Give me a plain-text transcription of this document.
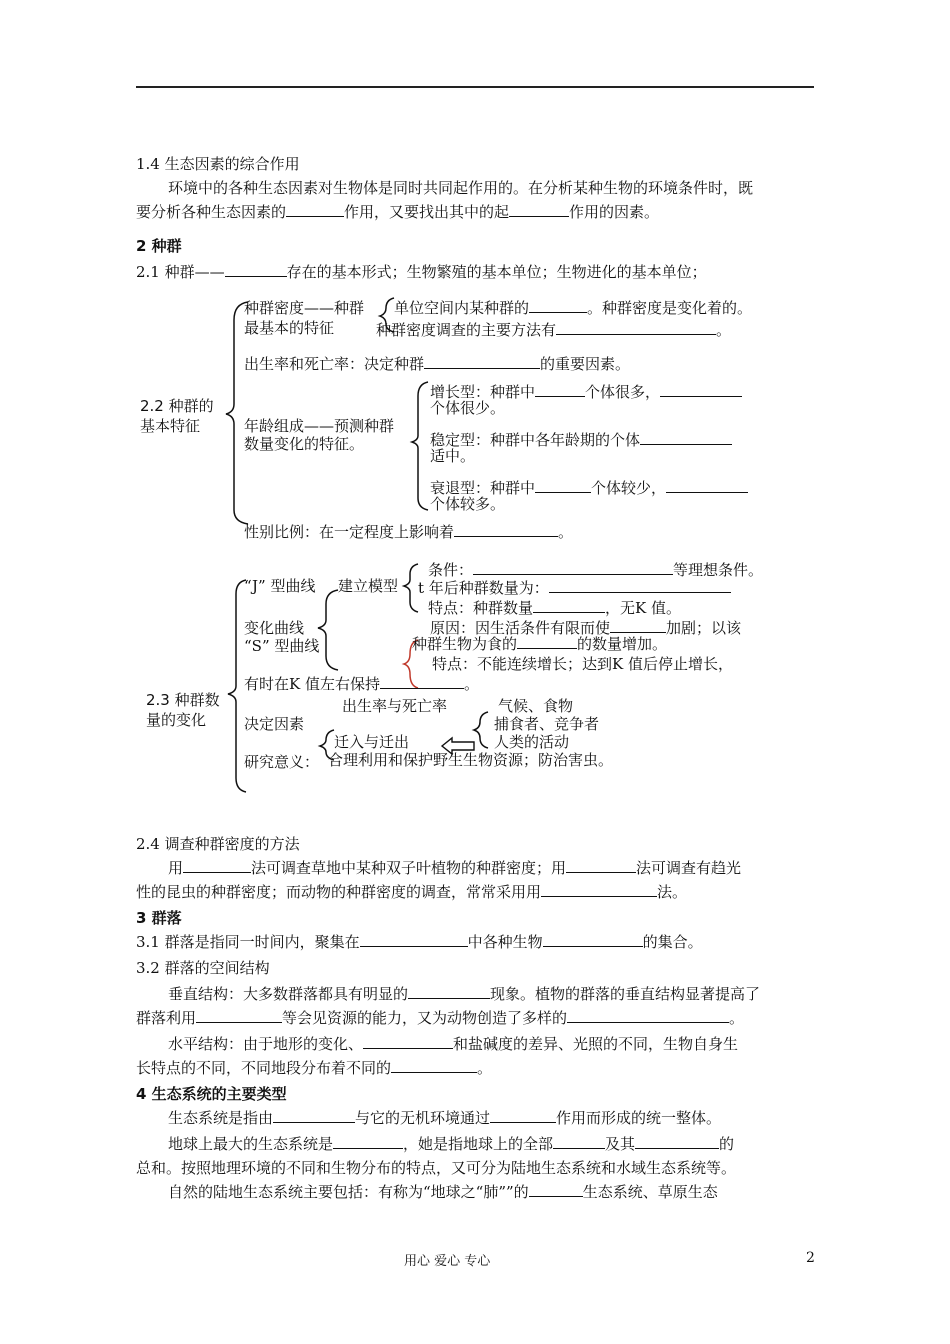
1.4 生态因素的综合作用
环境中的各种生态因素对生物体是同时共同起作用的。在分析某种生物的环境条件时，既
要分析各种生态因素的	作用，又要找出其中的起	作用的因素。
2 种群
2.1 种群——	存在的基本形式；生物繁殖的基本单位；生物进化的基本单位；
2.2 种群的
基本特征
种群密度——种群
最基本的特征
单位空间内某种群的	。种群密度是变化着的。
种群密度调查的主要方法有	。
出生率和死亡率：决定种群	的重要因素。
年龄组成——预测种群
数量变化的特征。
增长型：种群中	个体很多，
个体很少。
稳定型：种群中各年龄期的个体
适中。
衰退型：种群中	个体较少，
个体较多。
性别比例：在一定程度上影响着	。
2.3 种群数
量的变化
“J” 型曲线 建立模型
条件：	等理想条件。
t 年后种群数量为：
特点：种群数量	，无K 值。
变化曲线
“S” 型曲线
原因：因生活条件有限而使	加剧；以该
种群生物为食的	的数量增加。
特点：不能连续增长；达到K 值后停止增长，
有时在K 值左右保持	。
出生率与死亡率	气候、食物
决定因素	捕食者、竞争者
迁入与迁出	人类的活动
研究意义： 合理利用和保护野生生物资源；防治害虫。
2.4 调查种群密度的方法
用	法可调查草地中某种双子叶植物的种群密度；用	法可调查有趋光
性的昆虫的种群密度；而动物的种群密度的调查，常常采用用	法。
3 群落
3.1 群落是指同一时间内，聚集在	中各种生物	的集合。
3.2 群落的空间结构
垂直结构：大多数群落都具有明显的	现象。植物的群落的垂直结构显著提高了
群落利用	等会见资源的能力，又为动物创造了多样的	。
水平结构：由于地形的变化、	和盐碱度的差异、光照的不同，生物自身生
长特点的不同，不同地段分布着不同的	。
4 生态系统的主要类型
生态系统是指由	与它的无机环境通过	作用而形成的统一整体。
地球上最大的生态系统是	，她是指地球上的全部	及其	的
总和。按照地理环境的不同和生物分布的特点，又可分为陆地生态系统和水域生态系统等。
自然的陆地生态系统主要包括：有称为“地球之“肺””的	生态系统、草原生态
用心 爱心 专心	2
